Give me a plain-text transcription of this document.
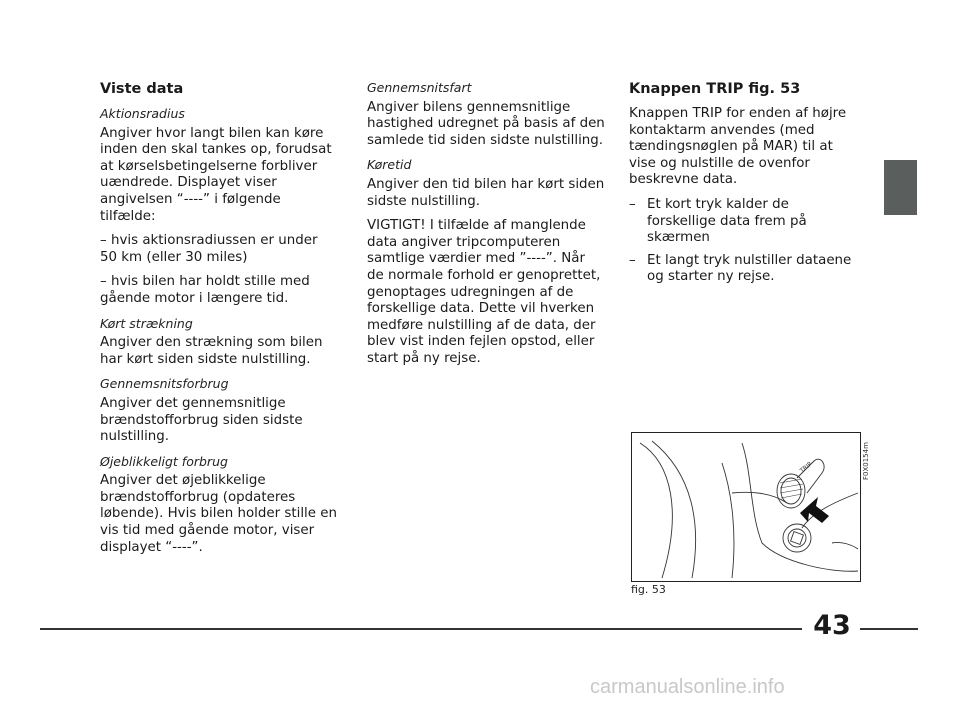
Viste data
Aktionsradius

Angiver hvor langt bilen kan køre inden den skal tankes op, forudsat at kørselsbetingelserne forbliver uændrede. Displayet viser angivelsen “----” i følgende tilfælde:

– hvis aktionsradiussen er under 50 km (eller 30 miles)

– hvis bilen har holdt stille med gående motor i længere tid.

Kørt strækning

Angiver den strækning som bilen har kørt siden sidste nulstilling.

Gennemsnitsforbrug

Angiver det gennemsnitlige brændstofforbrug siden sidste nulstilling.

Øjeblikkeligt forbrug

Angiver det øjeblikkelige brændstofforbrug (opdateres løbende). Hvis bilen holder stille en vis tid med gående motor, viser displayet “----”.

Gennemsnitsfart

Angiver bilens gennemsnitlige hastighed udregnet på basis af den samlede tid siden sidste nulstilling.

Køretid

Angiver den tid bilen har kørt siden sidste nulstilling.

VIGTIGT! I tilfælde af manglende data angiver tripcomputeren samtlige værdier med ”----”. Når de normale forhold er genoprettet, genoptages udregningen af de forskellige data. Dette vil hverken medføre nulstilling af de data, der blev vist inden fejlen opstod, eller start på ny rejse.

Knappen TRIP fig. 53

Knappen TRIP for enden af højre kontaktarm anvendes (med tændingsnøglen på MAR) til at vise og nulstille de ovenfor beskrevne data.

– Et kort tryk kalder de forskellige data frem på skærmen
– Et langt tryk nulstiller dataene og starter ny rejse.
TRIP	F0X0154m
fig. 53
43
carmanualsonline.info
